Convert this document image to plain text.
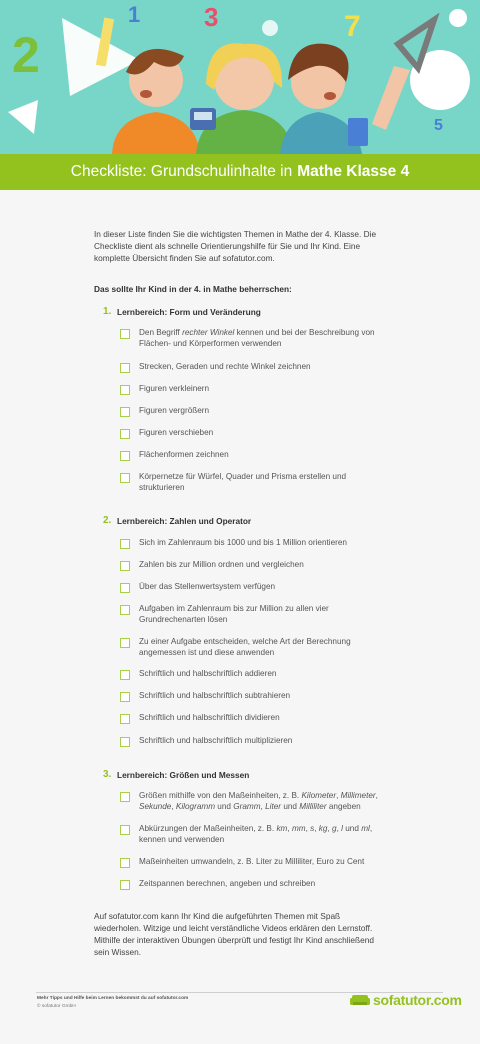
2
1 3	7
5
Checkliste: Grundschulinhalte in Mathe Klasse 4
In dieser Liste finden Sie die wichtigsten Themen in Mathe der 4. Klasse. Die Checkliste dient als schnelle Orientierungshilfe für Sie und Ihr Kind. Eine komplette Übersicht finden Sie auf sofatutor.com.
Das sollte Ihr Kind in der 4. in Mathe beherrschen:
1. Lernbereich: Form und Veränderung
Den Begriff rechter Winkel kennen und bei der Beschreibung von Flächen- und Körperformen verwenden
Strecken, Geraden und rechte Winkel zeichnen
Figuren verkleinern
Figuren vergrößern
Figuren verschieben
Flächenformen zeichnen
Körpernetze für Würfel, Quader und Prisma erstellen und strukturieren
2. Lernbereich: Zahlen und Operator
Sich im Zahlenraum bis 1000 und bis 1 Million orientieren
Zahlen bis zur Million ordnen und vergleichen
Über das Stellenwertsystem verfügen
Aufgaben im Zahlenraum bis zur Million zu allen vier Grundrechenarten lösen
Zu einer Aufgabe entscheiden, welche Art der Berechnung angemessen ist und diese anwenden
Schriftlich und halbschriftlich addieren
Schriftlich und halbschriftlich subtrahieren
Schriftlich und halbschriftlich dividieren
Schriftlich und halbschriftlich multiplizieren
3. Lernbereich: Größen und Messen
Größen mithilfe von den Maßeinheiten, z. B. Kilometer, Millimeter, Sekunde, Kilogramm und Gramm, Liter und Milliliter angeben
Abkürzungen der Maßeinheiten, z. B. km, mm, s, kg, g, l und ml, kennen und verwenden
Maßeinheiten umwandeln, z. B. Liter zu Milliliter, Euro zu Cent
Zeitspannen berechnen, angeben und schreiben
Auf sofatutor.com kann Ihr Kind die aufgeführten Themen mit Spaß wiederholen. Witzige und leicht verständliche Videos erklären den Lernstoff. Mithilfe der interaktiven Übungen überprüft und festigt Ihr Kind anschließend sein Wissen.
Mehr Tipps und Hilfe beim Lernen bekommst du auf sofatutor.com
© sofatutor GmbH	sofatutor.com
